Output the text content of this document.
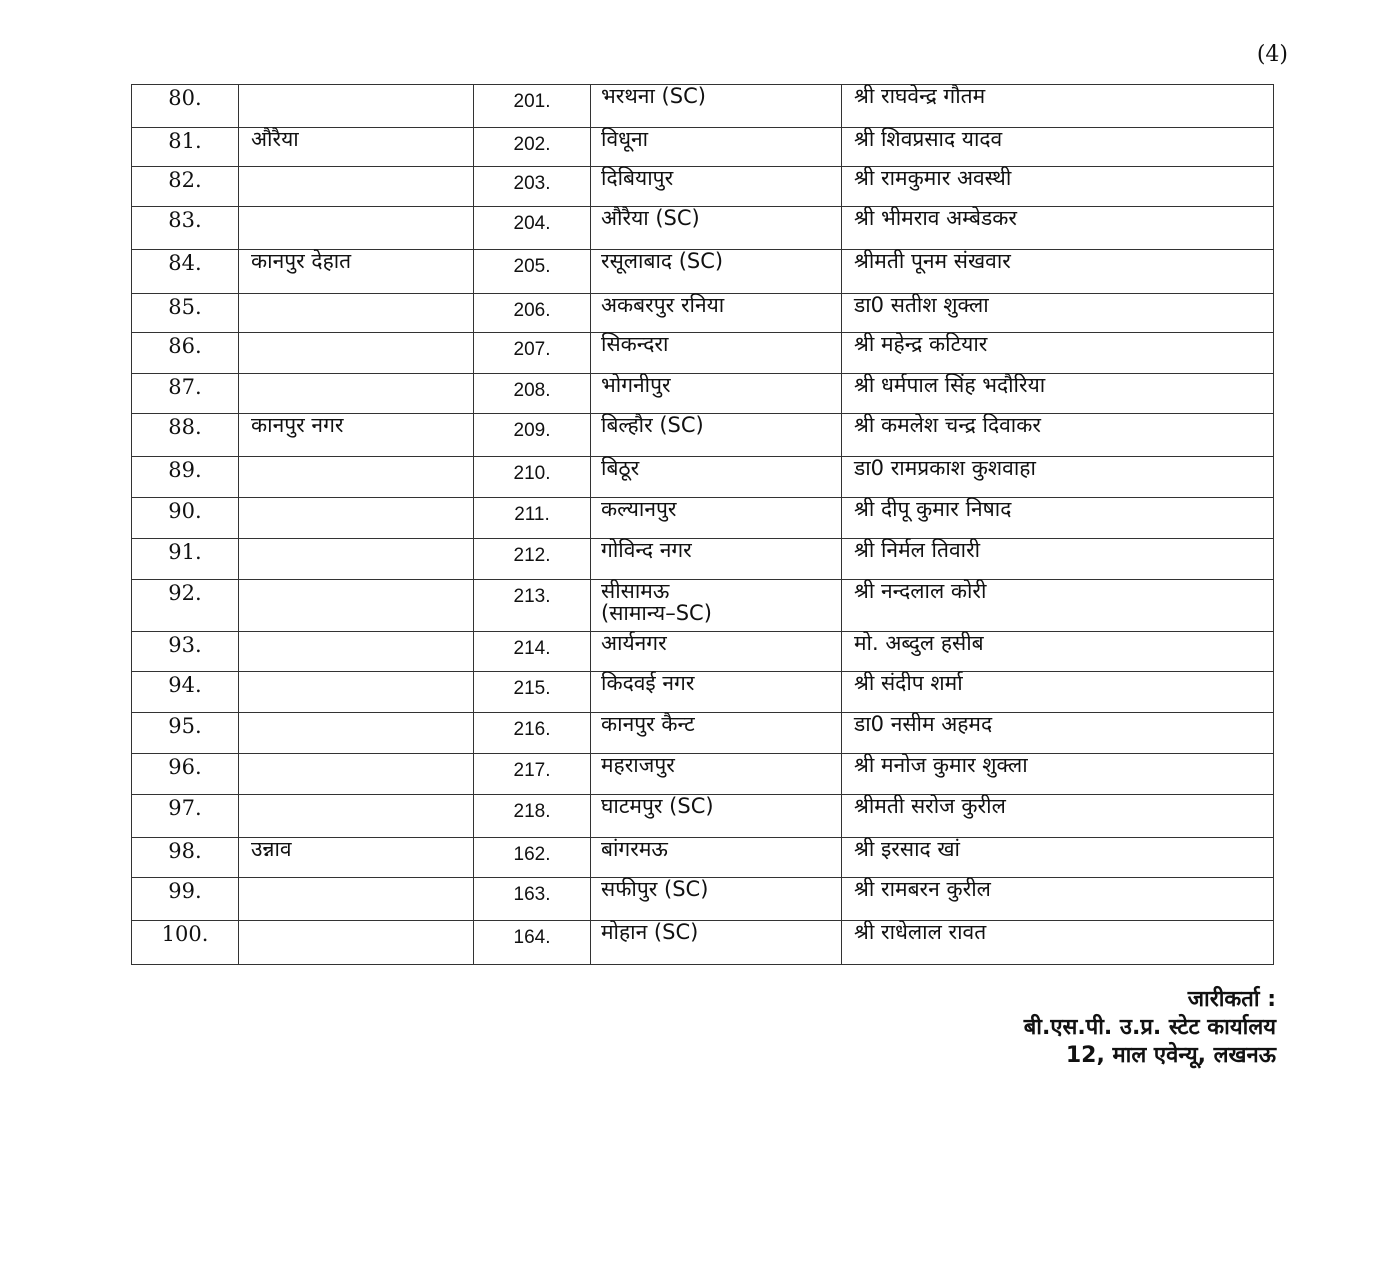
(4)
80.		201.	भरथना (SC)	श्री राघवेन्द्र गौतम
81.	औरैया	202.	विधूना	श्री शिवप्रसाद यादव
82.		203.	दिबियापुर	श्री रामकुमार अवस्थी
83.		204.	औरैया (SC)	श्री भीमराव अम्बेडकर
84.	कानपुर देहात	205.	रसूलाबाद (SC)	श्रीमती पूनम संखवार
85.		206.	अकबरपुर रनिया	डा0 सतीश शुक्ला
86.		207.	सिकन्दरा	श्री महेन्द्र कटियार
87.		208.	भोगनीपुर	श्री धर्मपाल सिंह भदौरिया
88.	कानपुर नगर	209.	बिल्हौर (SC)	श्री कमलेश चन्द्र दिवाकर
89.		210.	बिठूर	डा0 रामप्रकाश कुशवाहा
90.		211.	कल्यानपुर	श्री दीपू कुमार निषाद
91.		212.	गोविन्द नगर	श्री निर्मल तिवारी
92.		213.	सीसामऊ
(सामान्य–SC)	श्री नन्दलाल कोरी
93.		214.	आर्यनगर	मो. अब्दुल हसीब
94.		215.	किदवई नगर	श्री संदीप शर्मा
95.		216.	कानपुर कैन्ट	डा0 नसीम अहमद
96.		217.	महराजपुर	श्री मनोज कुमार शुक्ला
97.		218.	घाटमपुर (SC)	श्रीमती सरोज कुरील
98.	उन्नाव	162.	बांगरमऊ	श्री इरसाद खां
99.		163.	सफीपुर (SC)	श्री रामबरन कुरील
100.		164.	मोहान (SC)	श्री राधेलाल रावत
जारीकर्ता :
बी.एस.पी. उ.प्र. स्टेट कार्यालय
12, माल एवेन्यू, लखनऊ
